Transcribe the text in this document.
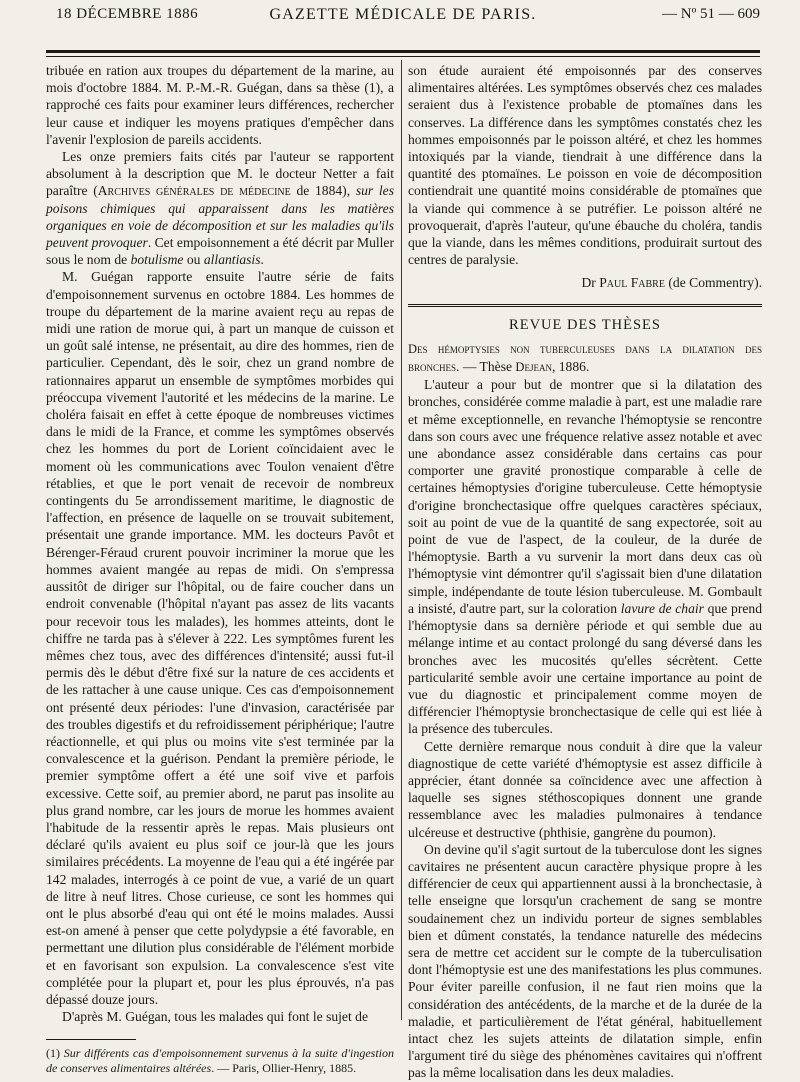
18 DÉCEMBRE 1886	GAZETTE MÉDICALE DE PARIS.	— Nº 51 — 609

tribuée en ration aux troupes du département de la marine, au mois d'octobre 1884. M. P.-M.-R. Guégan, dans sa thèse (1), a rapproché ces faits pour examiner leurs différences, rechercher leur cause et indiquer les moyens pratiques d'empêcher dans l'avenir l'explosion de pareils accidents.

Les onze premiers faits cités par l'auteur se rapportent absolument à la description que M. le docteur Netter a fait paraître (Archives générales de médecine de 1884), sur les poisons chimiques qui apparaissent dans les matières organiques en voie de décomposition et sur les maladies qu'ils peuvent provoquer. Cet empoisonnement a été décrit par Muller sous le nom de botulisme ou allantiasis.

M. Guégan rapporte ensuite l'autre série de faits d'empoisonnement survenus en octobre 1884. Les hommes de troupe du département de la marine avaient reçu au repas de midi une ration de morue qui, à part un manque de cuisson et un goût salé intense, ne présentait, au dire des hommes, rien de particulier. Cependant, dès le soir, chez un grand nombre de rationnaires apparut un ensemble de symptômes morbides qui préoccupa vivement l'autorité et les médecins de la marine. Le choléra faisait en effet à cette époque de nombreuses victimes dans le midi de la France, et comme les symptômes observés chez les hommes du port de Lorient coïncidaient avec le moment où les communications avec Toulon venaient d'être rétablies, et que le port venait de recevoir de nombreux contingents du 5e arrondissement maritime, le diagnostic de l'affection, en présence de laquelle on se trouvait subitement, présentait une grande importance. MM. les docteurs Pavôt et Bérenger-Féraud crurent pouvoir incriminer la morue que les hommes avaient mangée au repas de midi. On s'empressa aussitôt de diriger sur l'hôpital, ou de faire coucher dans un endroit convenable (l'hôpital n'ayant pas assez de lits vacants pour recevoir tous les malades), les hommes atteints, dont le chiffre ne tarda pas à s'élever à 222. Les symptômes furent les mêmes chez tous, avec des différences d'intensité; aussi fut-il permis dès le début d'être fixé sur la nature de ces accidents et de les rattacher à une cause unique. Ces cas d'empoisonnement ont présenté deux périodes: l'une d'invasion, caractérisée par des troubles digestifs et du refroidissement périphérique; l'autre réactionnelle, et qui plus ou moins vite s'est terminée par la convalescence et la guérison. Pendant la première période, le premier symptôme offert a été une soif vive et parfois excessive. Cette soif, au premier abord, ne parut pas insolite au plus grand nombre, car les jours de morue les hommes avaient l'habitude de la ressentir après le repas. Mais plusieurs ont déclaré qu'ils avaient eu plus soif ce jour-là que les jours similaires précédents. La moyenne de l'eau qui a été ingérée par 142 malades, interrogés à ce point de vue, a varié de un quart de litre à neuf litres. Chose curieuse, ce sont les hommes qui ont le plus absorbé d'eau qui ont été le moins malades. Aussi est-on amené à penser que cette polydypsie a été favorable, en permettant une dilution plus considérable de l'élément morbide et en favorisant son expulsion. La convalescence s'est vite complétée pour la plupart et, pour les plus éprouvés, n'a pas dépassé douze jours.

D'après M. Guégan, tous les malades qui font le sujet de

(1) Sur différents cas d'empoisonnement survenus à la suite d'ingestion de conserves alimentaires altérées. — Paris, Ollier-Henry, 1885.

son étude auraient été empoisonnés par des conserves alimentaires altérées. Les symptômes observés chez ces malades seraient dus à l'existence probable de ptomaïnes dans les conserves. La différence dans les symptômes constatés chez les hommes empoisonnés par le poisson altéré, et chez les hommes intoxiqués par la viande, tiendrait à une différence dans la quantité des ptomaïnes. Le poisson en voie de décomposition contiendrait une quantité moins considérable de ptomaïnes que la viande qui commence à se putréfier. Le poisson altéré ne provoquerait, d'après l'auteur, qu'une ébauche du choléra, tandis que la viande, dans les mêmes conditions, produirait surtout des centres de paralysie.

Dr Paul Fabre (de Commentry).

REVUE DES THÈSES

Des hémoptysies non tuberculeuses dans la dilatation des bronches. — Thèse Dejean, 1886.

L'auteur a pour but de montrer que si la dilatation des bronches, considérée comme maladie à part, est une maladie rare et même exceptionnelle, en revanche l'hémoptysie se rencontre dans son cours avec une fréquence relative assez notable et avec une abondance assez considérable dans certains cas pour comporter une gravité pronostique comparable à celle de certaines hémoptysies d'origine tuberculeuse. Cette hémoptysie d'origine bronchectasique offre quelques caractères spéciaux, soit au point de vue de la quantité de sang expectorée, soit au point de vue de l'aspect, de la couleur, de la durée de l'hémoptysie. Barth a vu survenir la mort dans deux cas où l'hémoptysie vint démontrer qu'il s'agissait bien d'une dilatation simple, indépendante de toute lésion tuberculeuse. M. Gombault a insisté, d'autre part, sur la coloration lavure de chair que prend l'hémoptysie dans sa dernière période et qui semble due au mélange intime et au contact prolongé du sang déversé dans les bronches avec les mucosités qu'elles sécrètent. Cette particularité semble avoir une certaine importance au point de vue du diagnostic et principalement comme moyen de différencier l'hémoptysie bronchectasique de celle qui est liée à la présence des tubercules.

Cette dernière remarque nous conduit à dire que la valeur diagnostique de cette variété d'hémoptysie est assez difficile à apprécier, étant donnée sa coïncidence avec une affection à laquelle ses signes stéthoscopiques donnent une grande ressemblance avec les maladies pulmonaires à tendance ulcéreuse et destructive (phthisie, gangrène du poumon).

On devine qu'il s'agit surtout de la tuberculose dont les signes cavitaires ne présentent aucun caractère physique propre à les différencier de ceux qui appartiennent aussi à la bronchectasie, à telle enseigne que lorsqu'un crachement de sang se montre soudainement chez un individu porteur de signes semblables bien et dûment constatés, la tendance naturelle des médecins sera de mettre cet accident sur le compte de la tuberculisation dont l'hémoptysie est une des manifestations les plus communes. Pour éviter pareille confusion, il ne faut rien moins que la considération des antécédents, de la marche et de la durée de la maladie, et particulièrement de l'état général, habituellement intact chez les sujets atteints de dilatation simple, enfin l'argument tiré du siège des phénomènes cavitaires qui n'offrent pas la même localisation dans les deux maladies.
